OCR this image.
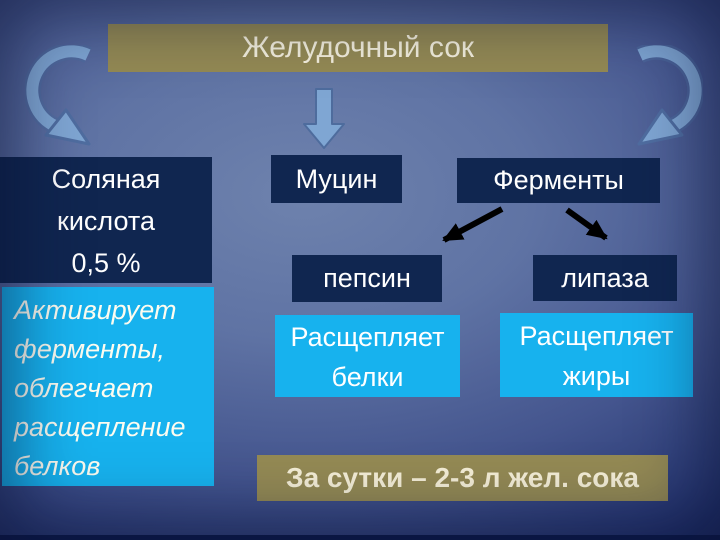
Желудочный сок
Соляная
кислота
0,5 %
Активирует
ферменты,
облегчает
расщепление
белков
Муцин	Ферменты
пепсин	липаза
Расщепляет
белки
Расщепляет
жиры
За сутки – 2-3 л жел. сока
